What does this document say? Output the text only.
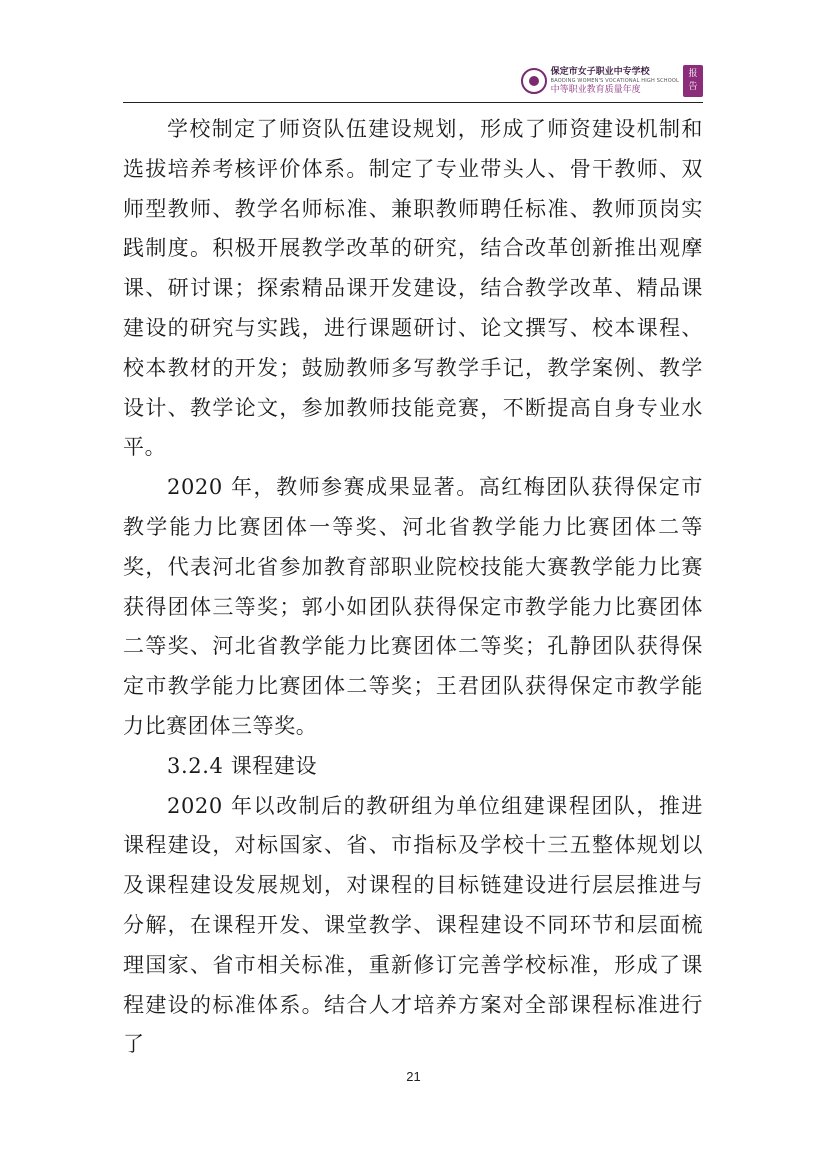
保定市女子职业中专学校
BAODING WOMEN'S VOCATIONAL HIGH SCHOOL
中等职业教育质量年度
报
告

学校制定了师资队伍建设规划，形成了师资建设机制和选拔培养考核评价体系。制定了专业带头人、骨干教师、双师型教师、教学名师标准、兼职教师聘任标准、教师顶岗实践制度。积极开展教学改革的研究，结合改革创新推出观摩课、研讨课；探索精品课开发建设，结合教学改革、精品课建设的研究与实践，进行课题研讨、论文撰写、校本课程、校本教材的开发；鼓励教师多写教学手记，教学案例、教学设计、教学论文，参加教师技能竞赛，不断提高自身专业水平。

2020 年，教师参赛成果显著。高红梅团队获得保定市教学能力比赛团体一等奖、河北省教学能力比赛团体二等奖，代表河北省参加教育部职业院校技能大赛教学能力比赛获得团体三等奖；郭小如团队获得保定市教学能力比赛团体二等奖、河北省教学能力比赛团体二等奖；孔静团队获得保定市教学能力比赛团体二等奖；王君团队获得保定市教学能力比赛团体三等奖。

3.2.4 课程建设

2020 年以改制后的教研组为单位组建课程团队，推进课程建设，对标国家、省、市指标及学校十三五整体规划以及课程建设发展规划，对课程的目标链建设进行层层推进与分解，在课程开发、课堂教学、课程建设不同环节和层面梳理国家、省市相关标准，重新修订完善学校标准，形成了课程建设的标准体系。结合人才培养方案对全部课程标准进行了

21
